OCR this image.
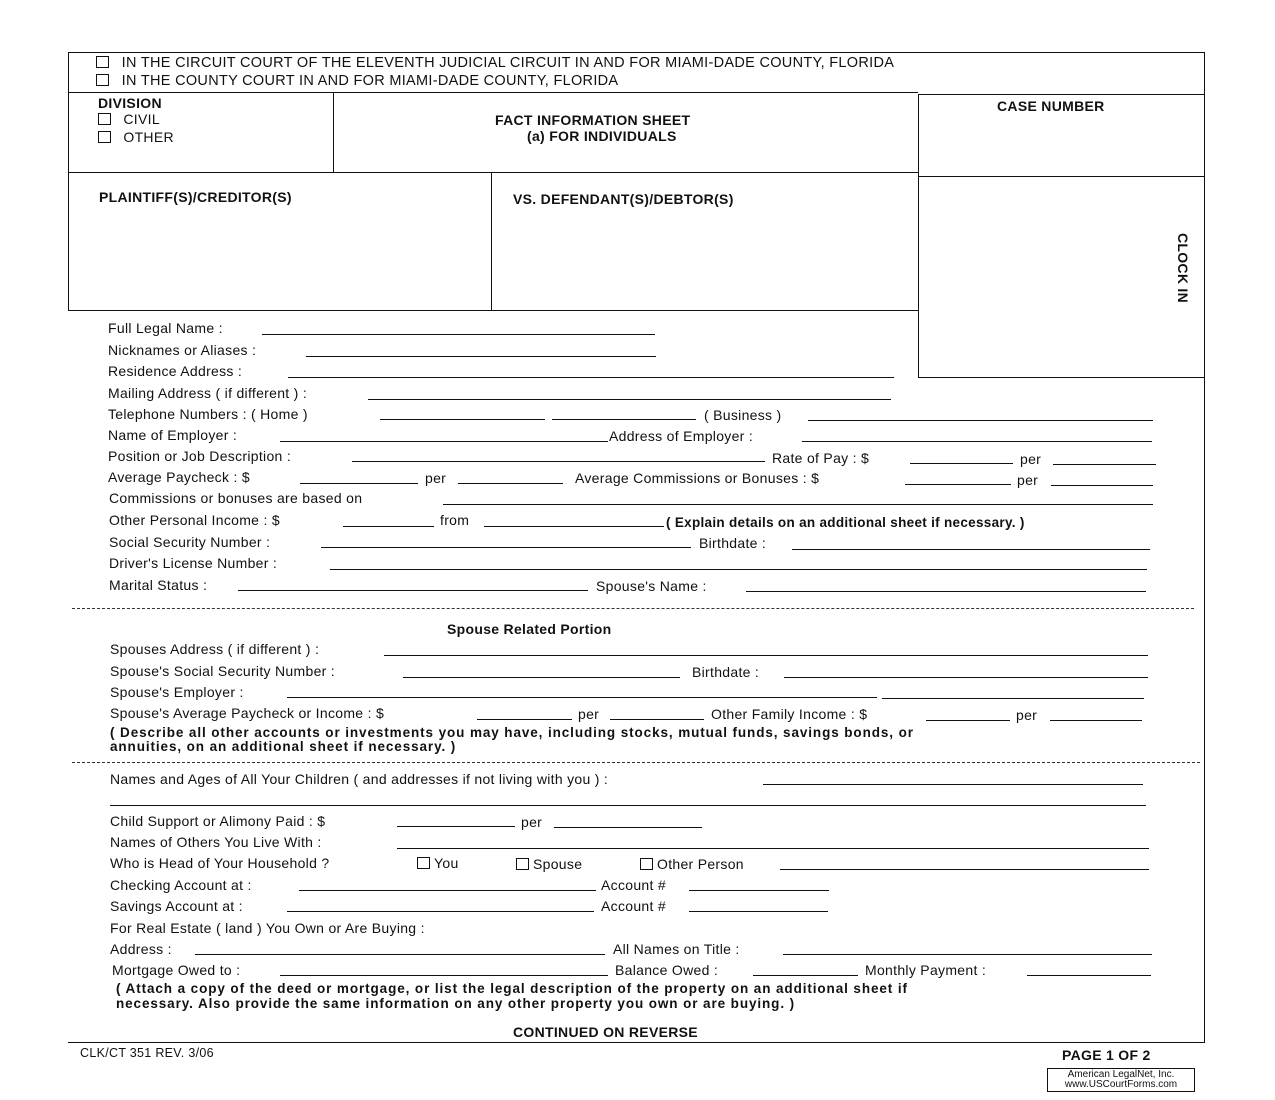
IN THE CIRCUIT COURT OF THE ELEVENTH JUDICIAL CIRCUIT IN AND FOR MIAMI-DADE COUNTY, FLORIDA
IN THE COUNTY COURT IN AND FOR MIAMI-DADE COUNTY, FLORIDA
DIVISION
CIVIL
OTHER
FACT INFORMATION SHEET
(a) FOR INDIVIDUALS
CASE NUMBER
PLAINTIFF(S)/CREDITOR(S)	VS. DEFENDANT(S)/DEBTOR(S)
CLOCK IN
Full Legal Name :
Nicknames or Aliases :
Residence Address :
Mailing Address ( if different ) :
Telephone Numbers : ( Home )	( Business )
Name of Employer :	Address of Employer :
Position or Job Description :	Rate of Pay : $	per
Average Paycheck : $	per	Average Commissions or Bonuses : $	per
Commissions or bonuses are based on
Other Personal Income : $	from	( Explain details on an additional sheet if necessary. )
Social Security Number :	Birthdate :
Driver's License Number :
Marital Status :	Spouse's Name :
Spouse Related Portion
Spouses Address ( if different ) :
Spouse's Social Security Number :	Birthdate :
Spouse's Employer :
Spouse's Average Paycheck or Income : $	per	Other Family Income : $	per
( Describe all other accounts or investments you may have, including stocks, mutual funds, savings bonds, or
annuities, on an additional sheet if necessary. )
Names and Ages of All Your Children ( and addresses if not living with you ) :
Child Support or Alimony Paid : $	per
Names of Others You Live With :
Who is Head of Your Household ?	You	Spouse	Other Person
Checking Account at :	Account #
Savings Account at :	Account #
For Real Estate ( land ) You Own or Are Buying :
Address :	All Names on Title :
Mortgage Owed to :	Balance Owed :	Monthly Payment :
( Attach a copy of the deed or mortgage, or list the legal description of the property on an additional sheet if
necessary. Also provide the same information on any other property you own or are buying. )
CONTINUED ON REVERSE
CLK/CT 351 REV. 3/06	PAGE 1 OF 2
American LegalNet, Inc.
www.USCourtForms.com
